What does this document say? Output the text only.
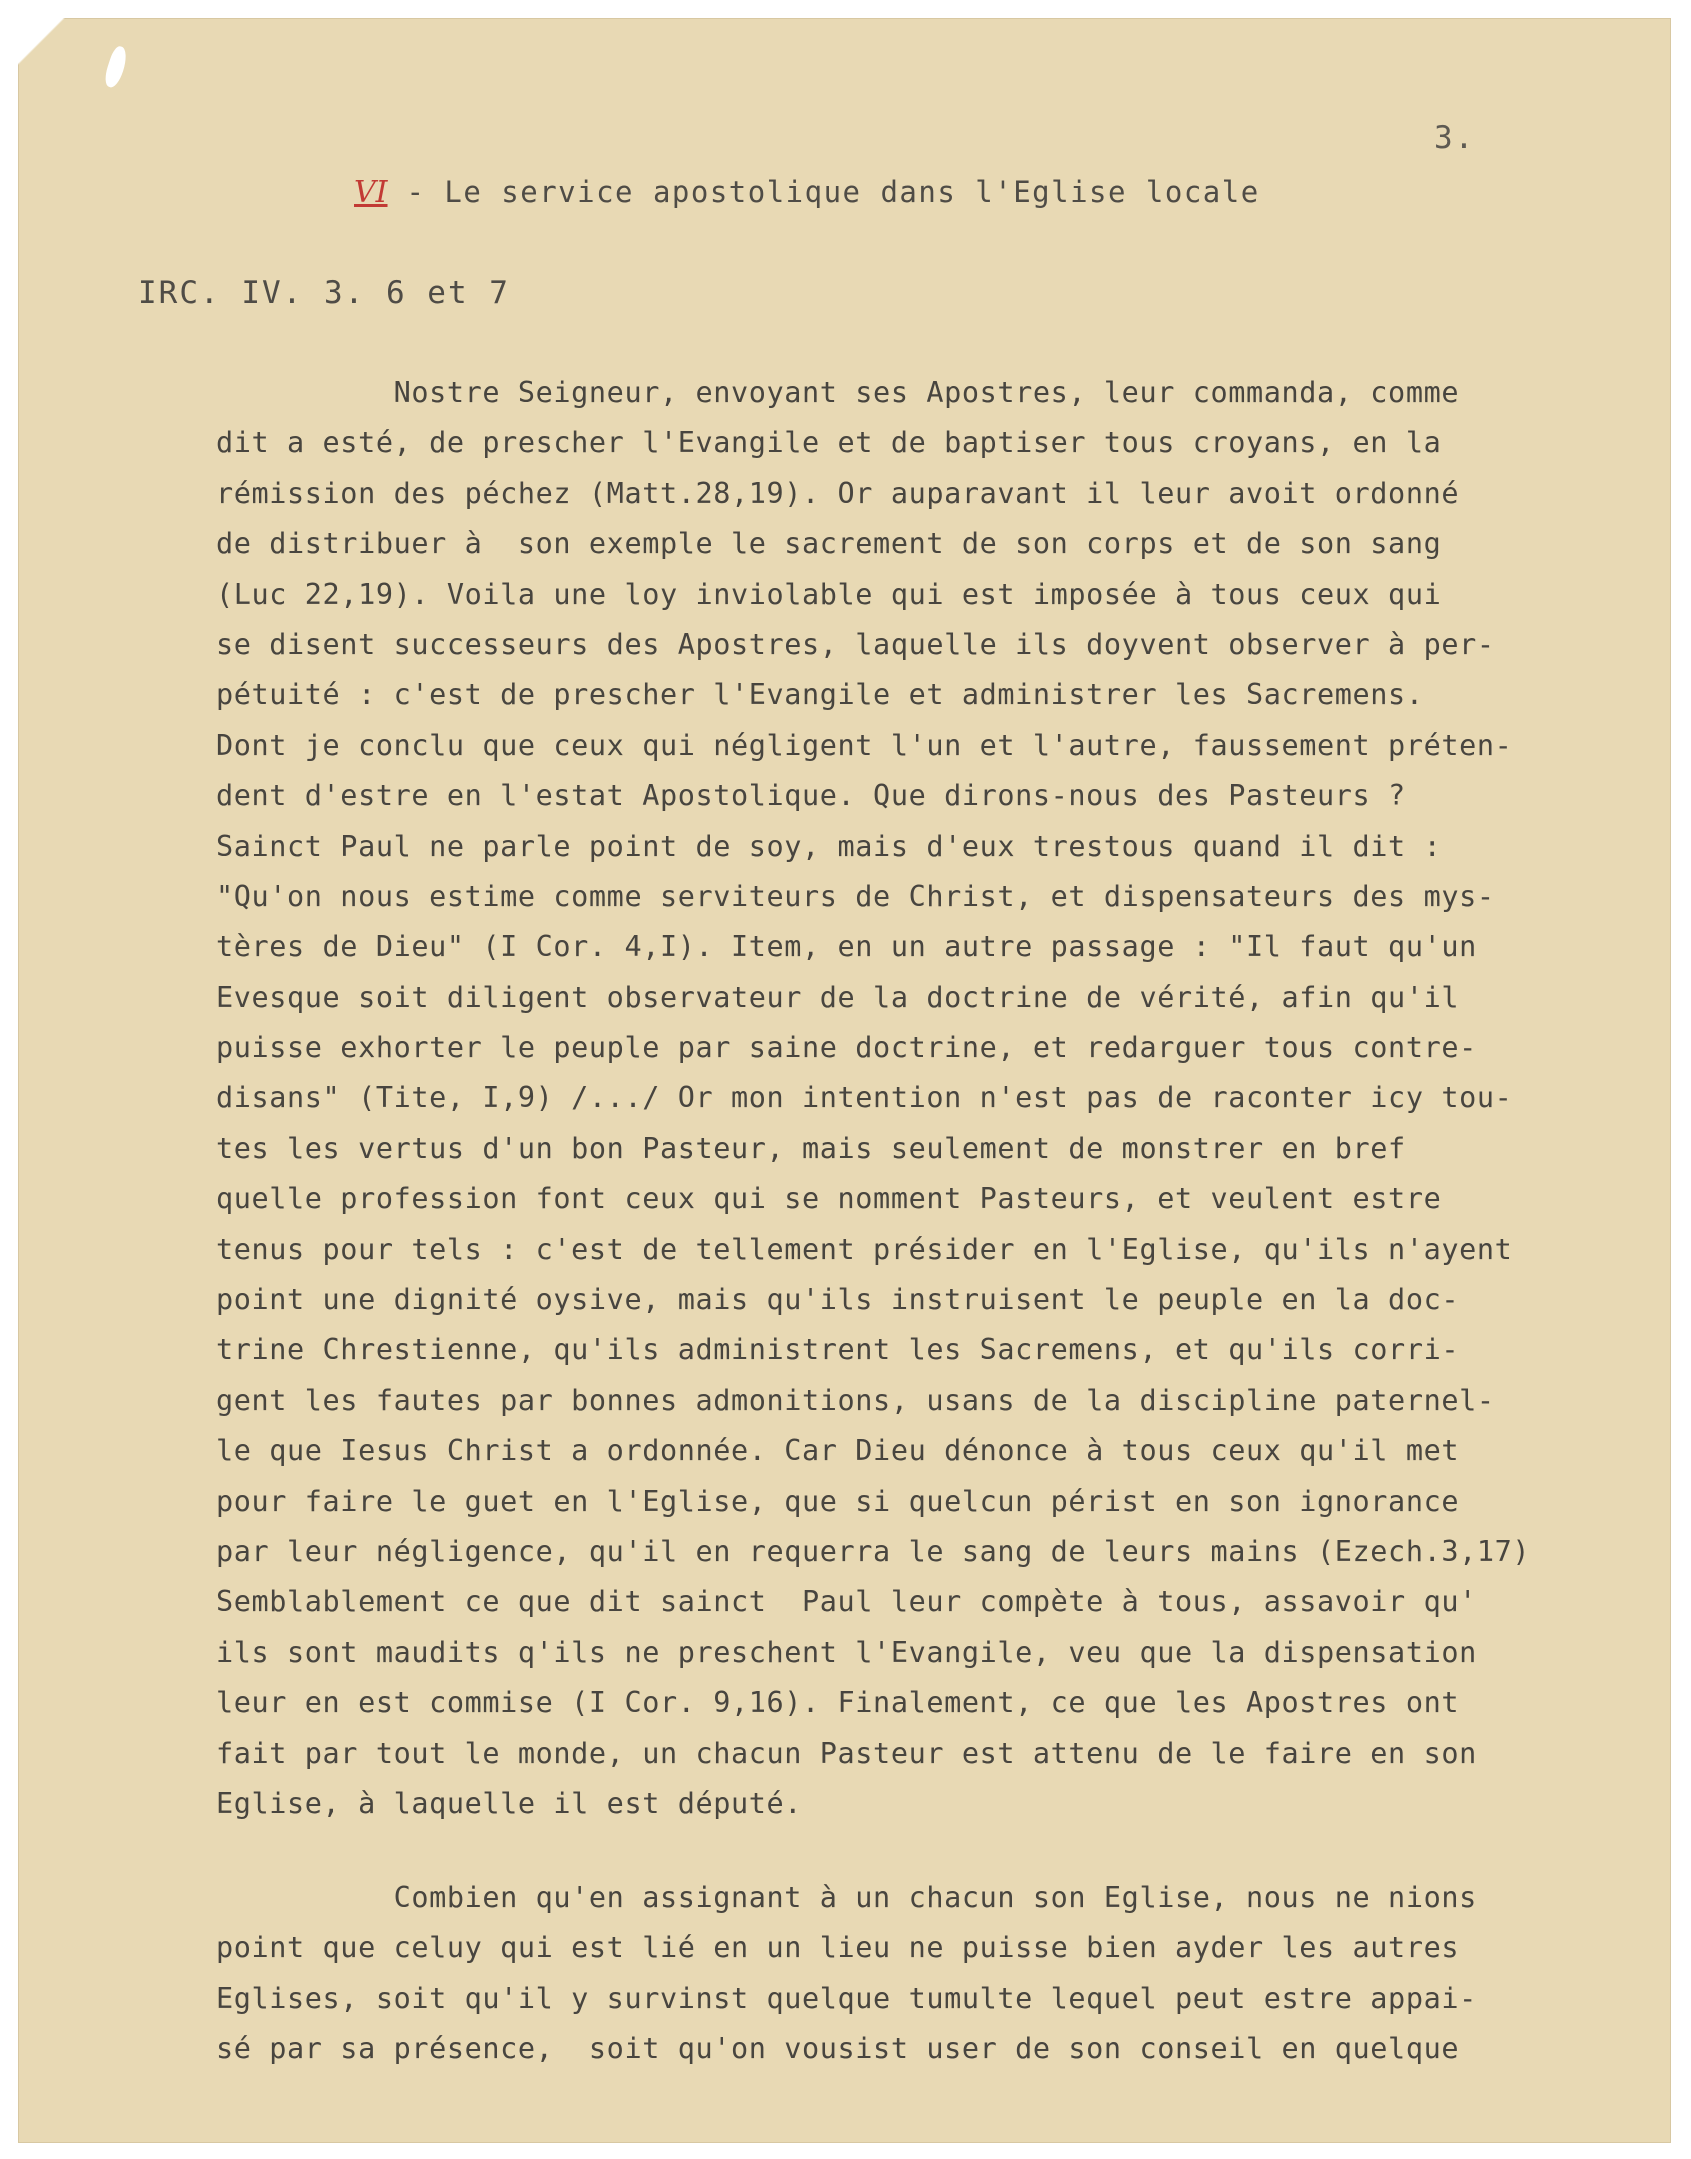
3.
VI - Le service apostolique dans l'Eglise locale
IRC. IV. 3. 6 et 7
Nostre Seigneur, envoyant ses Apostres, leur commanda, comme
dit a esté, de prescher l'Evangile et de baptiser tous croyans, en la
rémission des péchez (Matt.28,19). Or auparavant il leur avoit ordonné
de distribuer à  son exemple le sacrement de son corps et de son sang
(Luc 22,19). Voila une loy inviolable qui est imposée à tous ceux qui
se disent successeurs des Apostres, laquelle ils doyvent observer à per-
pétuité : c'est de prescher l'Evangile et administrer les Sacremens.
Dont je conclu que ceux qui négligent l'un et l'autre, faussement préten-
dent d'estre en l'estat Apostolique. Que dirons-nous des Pasteurs ?
Sainct Paul ne parle point de soy, mais d'eux trestous quand il dit :
"Qu'on nous estime comme serviteurs de Christ, et dispensateurs des mys-
tères de Dieu" (I Cor. 4,I). Item, en un autre passage : "Il faut qu'un
Evesque soit diligent observateur de la doctrine de vérité, afin qu'il
puisse exhorter le peuple par saine doctrine, et redarguer tous contre-
disans" (Tite, I,9) /.../ Or mon intention n'est pas de raconter icy tou-
tes les vertus d'un bon Pasteur, mais seulement de monstrer en bref
quelle profession font ceux qui se nomment Pasteurs, et veulent estre
tenus pour tels : c'est de tellement présider en l'Eglise, qu'ils n'ayent
point une dignité oysive, mais qu'ils instruisent le peuple en la doc-
trine Chrestienne, qu'ils administrent les Sacremens, et qu'ils corri-
gent les fautes par bonnes admonitions, usans de la discipline paternel-
le que Iesus Christ a ordonnée. Car Dieu dénonce à tous ceux qu'il met
pour faire le guet en l'Eglise, que si quelcun périst en son ignorance
par leur négligence, qu'il en requerra le sang de leurs mains (Ezech.3,17)
Semblablement ce que dit sainct  Paul leur compète à tous, assavoir qu'
ils sont maudits q'ils ne preschent l'Evangile, veu que la dispensation
leur en est commise (I Cor. 9,16). Finalement, ce que les Apostres ont
fait par tout le monde, un chacun Pasteur est attenu de le faire en son
Eglise, à laquelle il est député.
Combien qu'en assignant à un chacun son Eglise, nous ne nions
point que celuy qui est lié en un lieu ne puisse bien ayder les autres
Eglises, soit qu'il y survinst quelque tumulte lequel peut estre appai-
sé par sa présence,  soit qu'on vousist user de son conseil en quelque
